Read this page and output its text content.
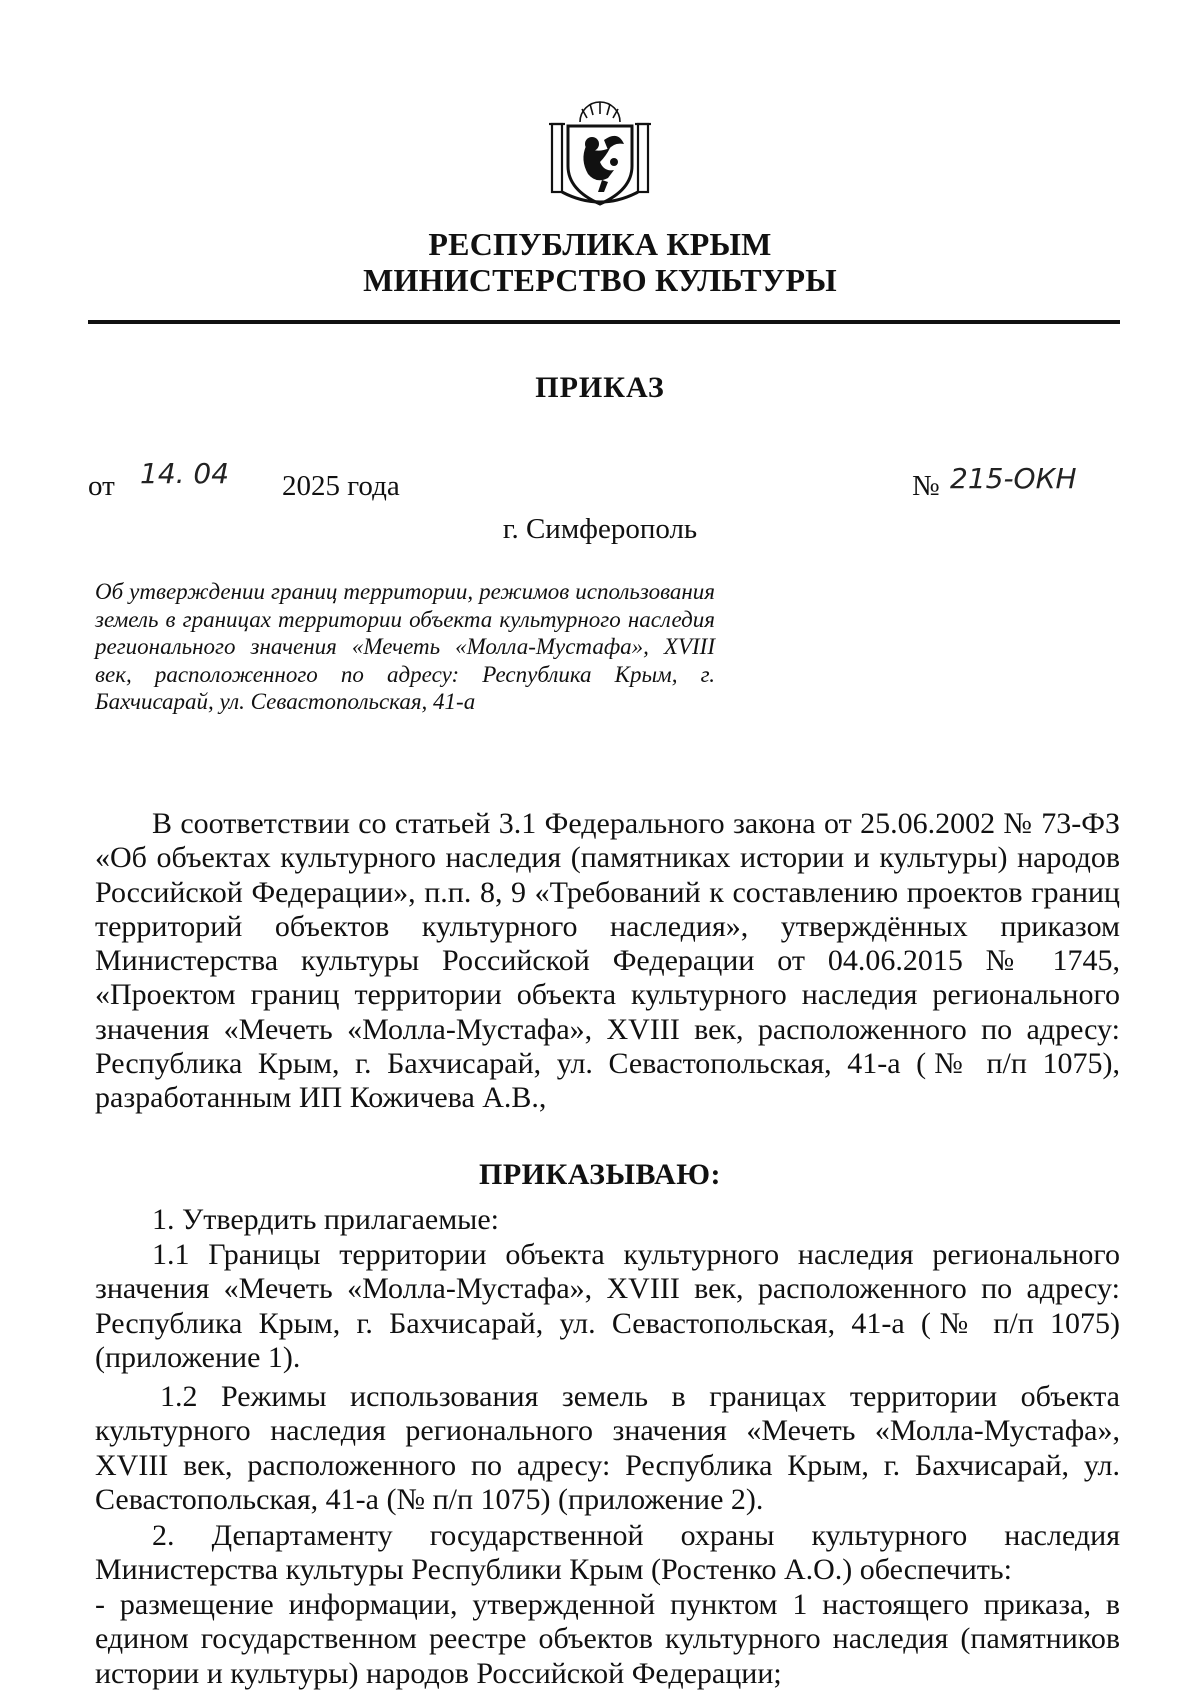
РЕСПУБЛИКА КРЫМ
МИНИСТЕРСТВО КУЛЬТУРЫ
ПРИКАЗ
от 14. 04 2025 года	№ 215-ОКН
г. Симферополь
Об утверждении границ территории, режимов использования земель в границах территории объекта культурного наследия регионального значения «Мечеть «Молла-Мустафа», XVIII век, расположенного по адресу: Республика Крым, г. Бахчисарай, ул. Севастопольская, 41-а
В соответствии со статьей 3.1 Федерального закона от 25.06.2002 № 73-ФЗ «Об объектах культурного наследия (памятниках истории и культуры) народов Российской Федерации», п.п. 8, 9 «Требований к составлению проектов границ территорий объектов культурного наследия», утверждённых приказом Министерства культуры Российской Федерации от 04.06.2015 № 1745, «Проектом границ территории объекта культурного наследия регионального значения «Мечеть «Молла-Мустафа», XVIII век, расположенного по адресу: Республика Крым, г. Бахчисарай, ул. Севастопольская, 41-а (№ п/п 1075), разработанным ИП Кожичева А.В.,
ПРИКАЗЫВАЮ:
1. Утвердить прилагаемые:
1.1 Границы территории объекта культурного наследия регионального значения «Мечеть «Молла-Мустафа», XVIII век, расположенного по адресу: Республика Крым, г. Бахчисарай, ул. Севастопольская, 41-а (№ п/п 1075) (приложение 1).
1.2 Режимы использования земель в границах территории объекта культурного наследия регионального значения «Мечеть «Молла-Мустафа», XVIII век, расположенного по адресу: Республика Крым, г. Бахчисарай, ул. Севастопольская, 41-а (№ п/п 1075) (приложение 2).
2. Департаменту государственной охраны культурного наследия Министерства культуры Республики Крым (Ростенко А.О.) обеспечить:
- размещение информации, утвержденной пунктом 1 настоящего приказа, в едином государственном реестре объектов культурного наследия (памятников истории и культуры) народов Российской Федерации;
